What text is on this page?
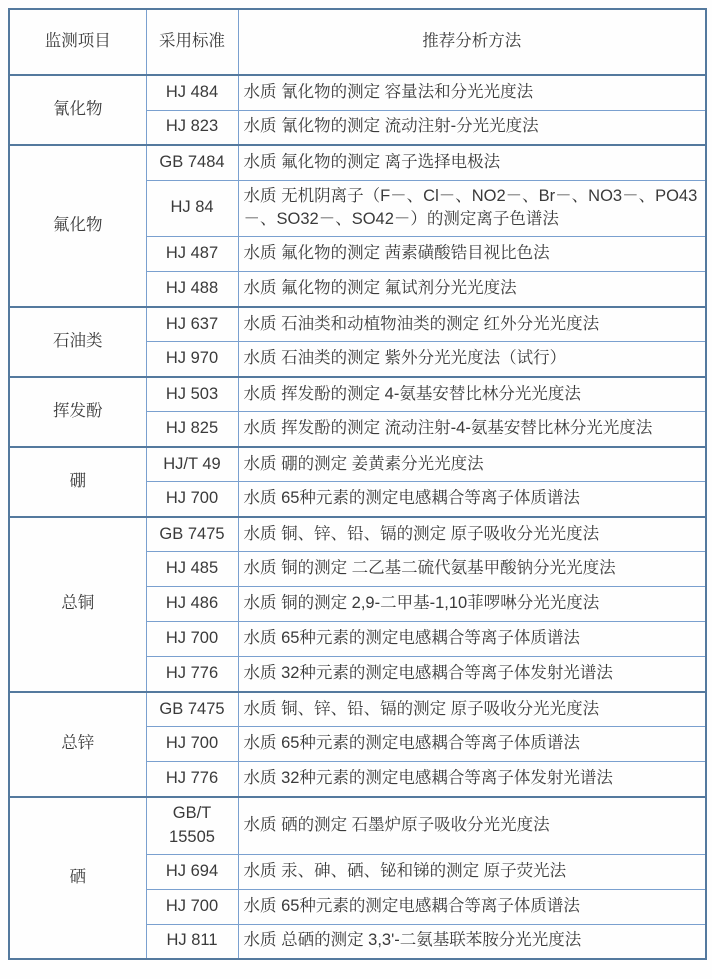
监测项目	采用标准	推荐分析方法
氰化物	HJ 484	水质 氰化物的测定 容量法和分光光度法
	HJ 823	水质 氰化物的测定 流动注射-分光光度法
氟化物	GB 7484	水质 氟化物的测定 离子选择电极法
	HJ 84	水质 无机阴离子（F－、Cl－、NO2－、Br－、NO3－、PO43－、SO32－、SO42－）的测定离子色谱法
	HJ 487	水质 氟化物的测定 茜素磺酸锆目视比色法
	HJ 488	水质 氟化物的测定 氟试剂分光光度法
石油类	HJ 637	水质 石油类和动植物油类的测定 红外分光光度法
	HJ 970	水质 石油类的测定 紫外分光光度法（试行）
挥发酚	HJ 503	水质 挥发酚的测定 4-氨基安替比林分光光度法
	HJ 825	水质 挥发酚的测定 流动注射-4-氨基安替比林分光光度法
硼	HJ/T 49	水质 硼的测定 姜黄素分光光度法
	HJ 700	水质 65种元素的测定电感耦合等离子体质谱法
总铜	GB 7475	水质 铜、锌、铅、镉的测定 原子吸收分光光度法
	HJ 485	水质 铜的测定 二乙基二硫代氨基甲酸钠分光光度法
	HJ 486	水质 铜的测定 2,9-二甲基-1,10菲啰啉分光光度法
	HJ 700	水质 65种元素的测定电感耦合等离子体质谱法
	HJ 776	水质 32种元素的测定电感耦合等离子体发射光谱法
总锌	GB 7475	水质 铜、锌、铅、镉的测定 原子吸收分光光度法
	HJ 700	水质 65种元素的测定电感耦合等离子体质谱法
	HJ 776	水质 32种元素的测定电感耦合等离子体发射光谱法
硒	GB/T 15505	水质 硒的测定 石墨炉原子吸收分光光度法
	HJ 694	水质 汞、砷、硒、铋和锑的测定 原子荧光法
	HJ 700	水质 65种元素的测定电感耦合等离子体质谱法
	HJ 811	水质 总硒的测定 3,3'-二氨基联苯胺分光光度法
